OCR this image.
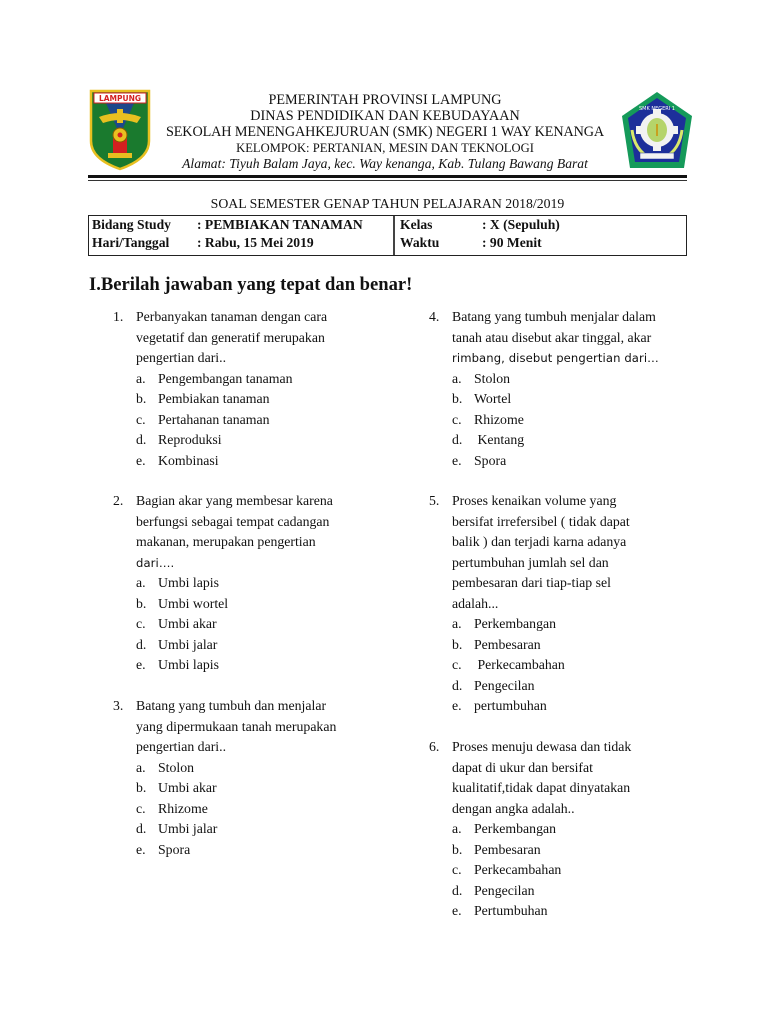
LAMPUNG
SMK NEGERI 1
PEMERINTAH PROVINSI LAMPUNG
DINAS PENDIDIKAN DAN KEBUDAYAAN
SEKOLAH MENENGAHKEJURUAN (SMK) NEGERI 1 WAY KENANGA
KELOMPOK: PERTANIAN, MESIN DAN TEKNOLOGI
Alamat: Tiyuh Balam Jaya, kec. Way kenanga, Kab. Tulang Bawang Barat
SOAL SEMESTER GENAP TAHUN PELAJARAN 2018/2019
Bidang Study : PEMBIAKAN TANAMAN
Hari/Tanggal : Rabu, 15 Mei 2019
Kelas	: X (Sepuluh)
Waktu	: 90 Menit
I.Berilah jawaban yang tepat dan benar!
1. Perbanyakan tanaman dengan cara
vegetatif dan generatif merupakan
pengertian dari..
a. Pengembangan tanaman
b. Pembiakan tanaman
c. Pertahanan tanaman
d. Reproduksi
e. Kombinasi
2. Bagian akar yang membesar karena
berfungsi sebagai tempat cadangan
makanan, merupakan pengertian
dari….
a. Umbi lapis
b. Umbi wortel
c. Umbi akar
d. Umbi jalar
e. Umbi lapis
3. Batang yang tumbuh dan menjalar
yang dipermukaan tanah merupakan
pengertian dari..
a. Stolon
b. Umbi akar
c. Rhizome
d. Umbi jalar
e. Spora
4. Batang yang tumbuh menjalar dalam
tanah atau disebut akar tinggal, akar
rimbang, disebut pengertian dari…
a. Stolon
b. Wortel
c. Rhizome
d. Kentang
e. Spora
5. Proses kenaikan volume yang
bersifat irrefersibel ( tidak dapat
balik ) dan terjadi karna adanya
pertumbuhan jumlah sel dan
pembesaran dari tiap-tiap sel
adalah...
a. Perkembangan
b. Pembesaran
c. Perkecambahan
d. Pengecilan
e. pertumbuhan
6. Proses menuju dewasa dan tidak
dapat di ukur dan bersifat
kualitatif,tidak dapat dinyatakan
dengan angka adalah..
a. Perkembangan
b. Pembesaran
c. Perkecambahan
d. Pengecilan
e. Pertumbuhan
